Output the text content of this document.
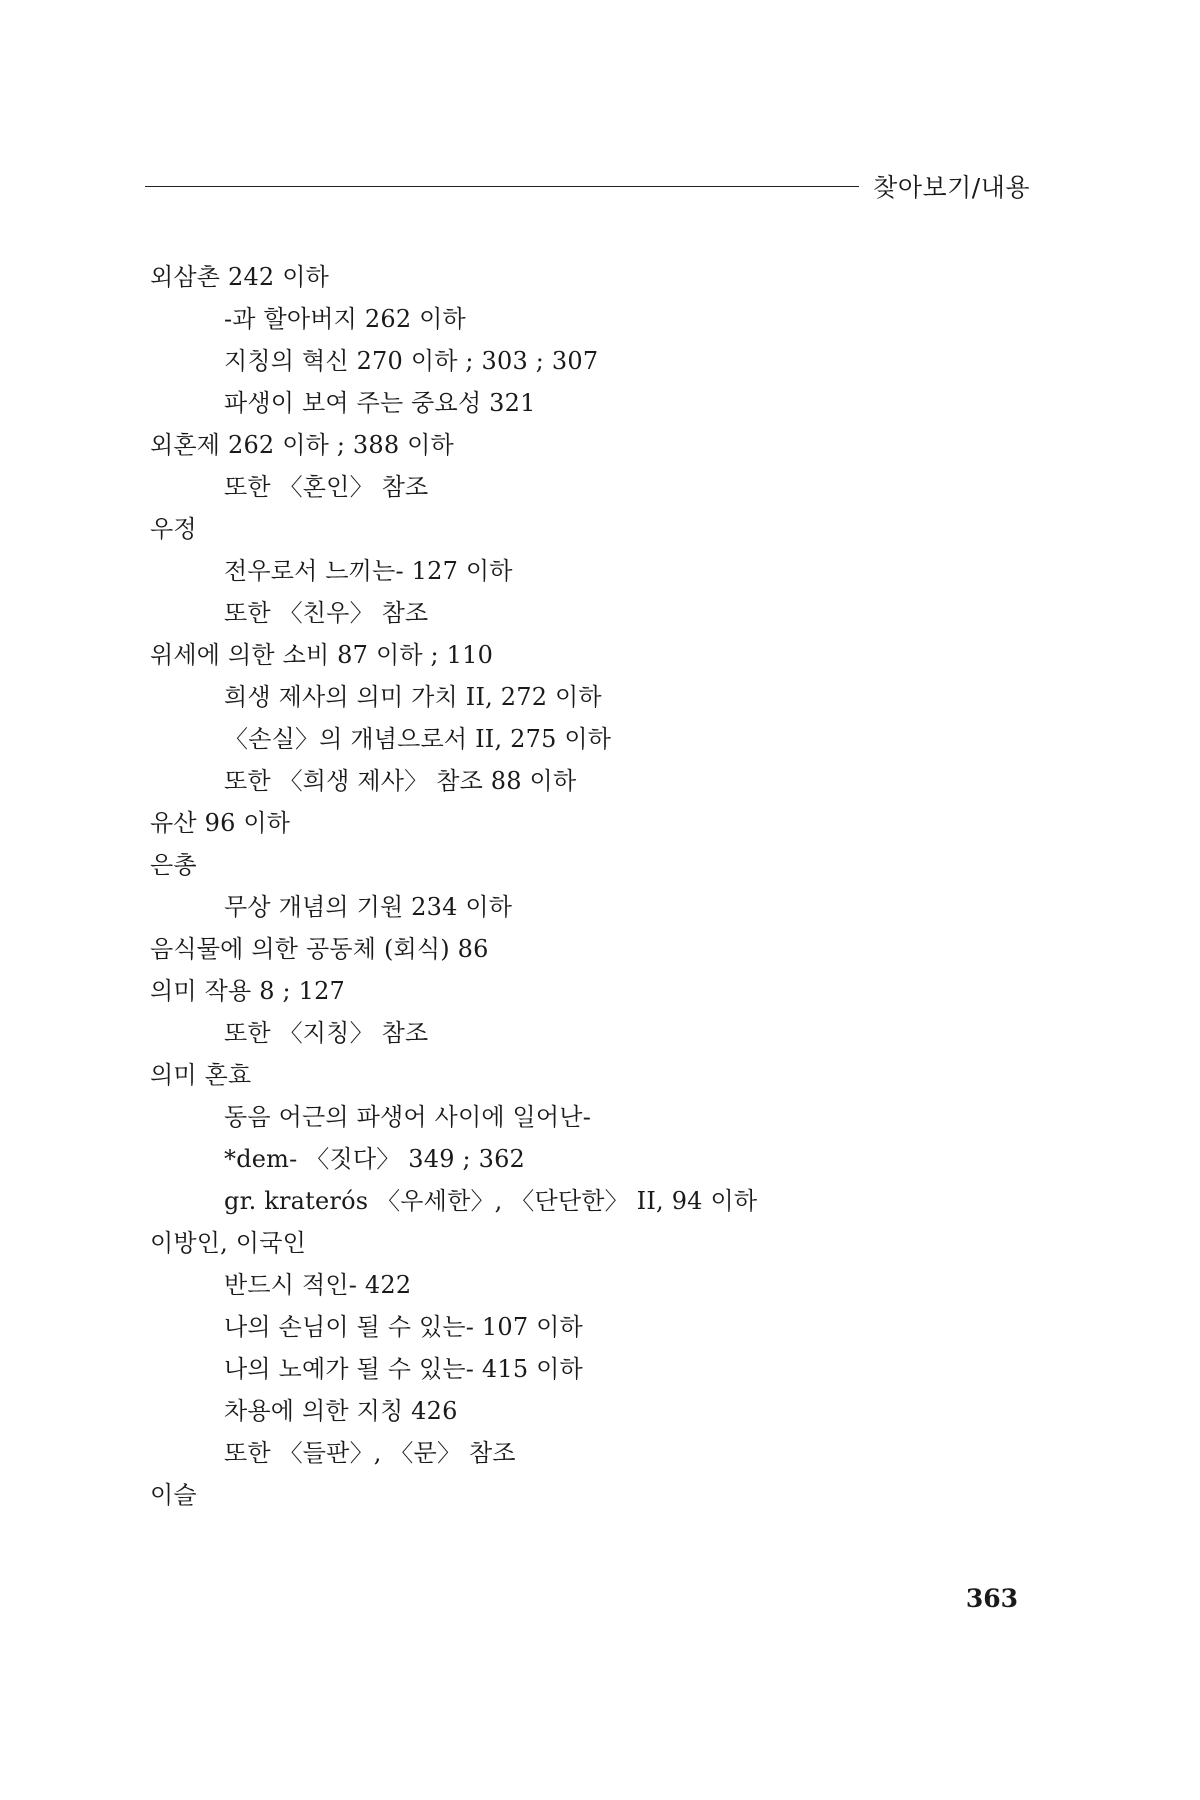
찾아보기/내용
외삼촌 242 이하
-과 할아버지 262 이하
지칭의 혁신 270 이하 ; 303 ; 307
파생이 보여 주는 중요성 321
외혼제 262 이하 ; 388 이하
또한 〈혼인〉 참조
우정
전우로서 느끼는- 127 이하
또한 〈친우〉 참조
위세에 의한 소비 87 이하 ; 110
희생 제사의 의미 가치 II, 272 이하
〈손실〉의 개념으로서 II, 275 이하
또한 〈희생 제사〉 참조 88 이하
유산 96 이하
은총
무상 개념의 기원 234 이하
음식물에 의한 공동체 (회식) 86
의미 작용 8 ; 127
또한 〈지칭〉 참조
의미 혼효
동음 어근의 파생어 사이에 일어난-
*dem- 〈짓다〉 349 ; 362
gr. kraterós 〈우세한〉, 〈단단한〉 II, 94 이하
이방인, 이국인
반드시 적인- 422
나의 손님이 될 수 있는- 107 이하
나의 노예가 될 수 있는- 415 이하
차용에 의한 지칭 426
또한 〈들판〉, 〈문〉 참조
이슬
363
